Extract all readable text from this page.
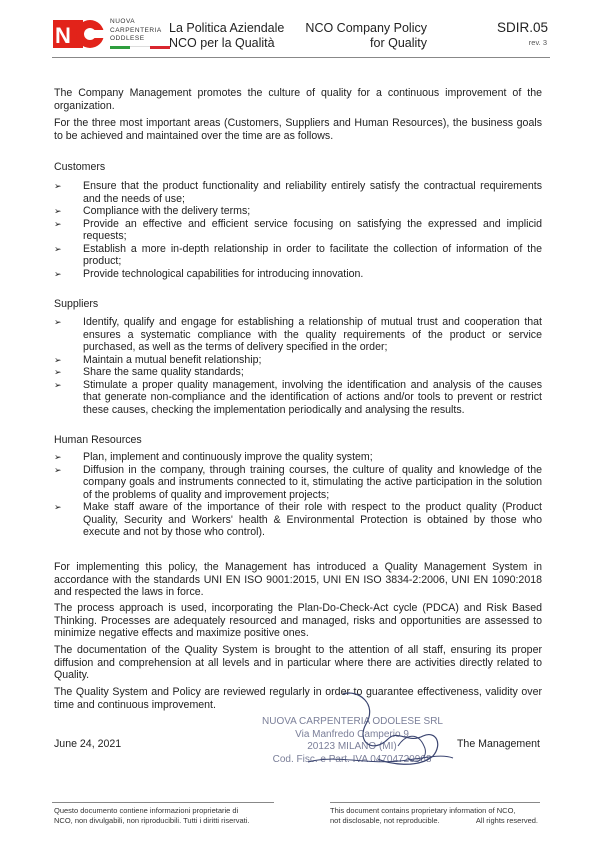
N
NUOVA
CARPENTERIA
ODDLESE
La Politica Aziendale
NCO per la Qualità
NCO Company Policy
for Quality
SDIR.05
rev. 3
The Company Management promotes the culture of quality for a continuous improvement of the organization.
For the three most important areas (Customers, Suppliers and Human Resources), the business goals to be achieved and maintained over the time are as follows.
Customers
➢ Ensure that the product functionality and reliability entirely satisfy the contractual requirements and the needs of use;
➢ Compliance with the delivery terms;
➢ Provide an effective and efficient service focusing on satisfying the expressed and implicid requests;
➢ Establish a more in-depth relationship in order to facilitate the collection of information of the product;
➢ Provide technological capabilities for introducing innovation.
Suppliers
➢ Identify, qualify and engage for establishing a relationship of mutual trust and cooperation that ensures a systematic compliance with the quality requirements of the product or service purchased, as well as the terms of delivery specified in the order;
➢ Maintain a mutual benefit relationship;
➢ Share the same quality standards;
➢ Stimulate a proper quality management, involving the identification and analysis of the causes that generate non-compliance and the identification of actions and/or tools to prevent or restrict these causes, checking the implementation periodically and analysing the results.
Human Resources
➢ Plan, implement and continuously improve the quality system;
➢ Diffusion in the company, through training courses, the culture of quality and knowledge of the company goals and instruments connected to it, stimulating the active participation in the solution of the problems of quality and improvement projects;
➢ Make staff aware of the importance of their role with respect to the product quality (Product Quality, Security and Workers' health & Environmental Protection is obtained by those who execute and not by those who control).
For implementing this policy, the Management has introduced a Quality Management System in accordance with the standards UNI EN ISO 9001:2015, UNI EN ISO 3834-2:2006, UNI EN 1090:2018 and respected the laws in force.
The process approach is used, incorporating the Plan-Do-Check-Act cycle (PDCA) and Risk Based Thinking. Processes are adequately resourced and managed, risks and opportunities are assessed to minimize negative effects and maximize positive ones.
The documentation of the Quality System is brought to the attention of all staff, ensuring its proper diffusion and comprehension at all levels and in particular where there are activities directly related to Quality.
The Quality System and Policy are reviewed regularly in order to guarantee effectiveness, validity over time and continuous improvement.
June 24, 2021
NUOVA CARPENTERIA ODOLESE SRL
Via Manfredo Camperio 9
20123 MILANO (MI)
Cod. Fisc. e Part. IVA 04704720968
The Management
Questo documento contiene informazioni proprietarie di
NCO, non divulgabili, non riproducibili. Tutti i diritti riservati.
This document contains proprietary information of NCO,
not disclosable, not reproducible.	All rights reserved.
